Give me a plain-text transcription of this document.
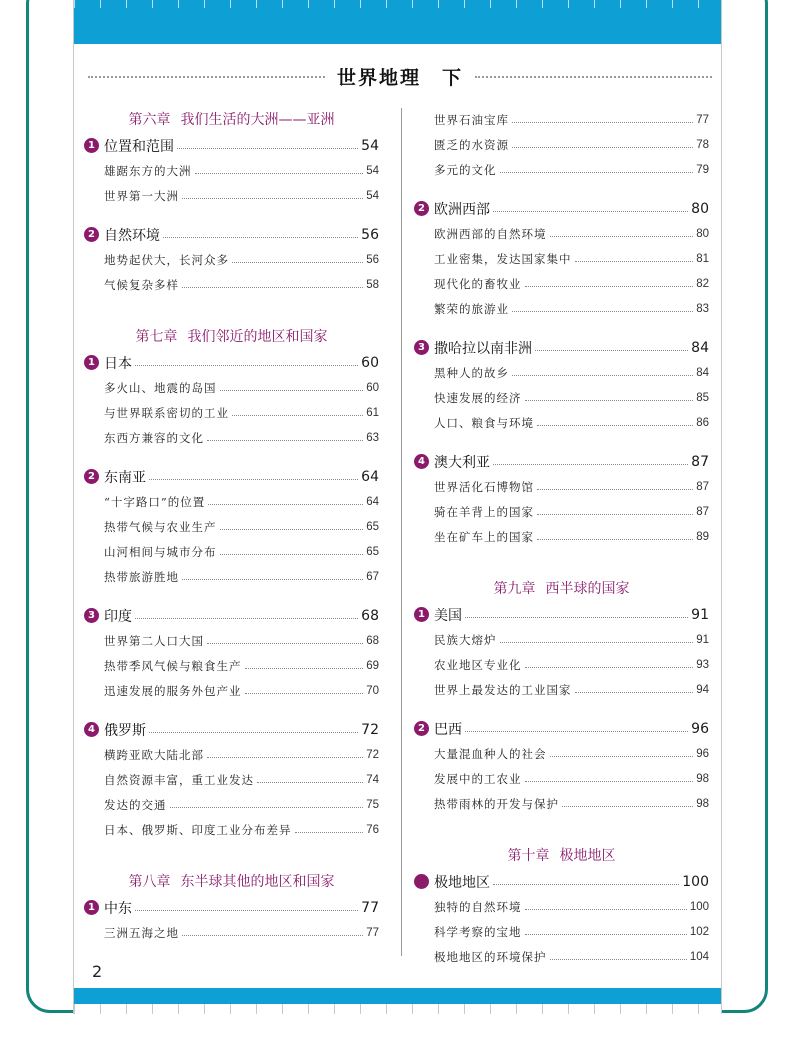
世界地理　下
第六章 我们生活的大洲——亚洲
1 位置和范围	54
雄踞东方的大洲	54
世界第一大洲	54
2 自然环境	56
地势起伏大，长河众多	56
气候复杂多样	58
第七章 我们邻近的地区和国家
1 日本	60
多火山、地震的岛国	60
与世界联系密切的工业	61
东西方兼容的文化	63
2 东南亚	64
“十字路口”的位置	64
热带气候与农业生产	65
山河相间与城市分布	65
热带旅游胜地	67
3 印度	68
世界第二人口大国	68
热带季风气候与粮食生产	69
迅速发展的服务外包产业	70
4 俄罗斯	72
横跨亚欧大陆北部	72
自然资源丰富，重工业发达	74
发达的交通	75
日本、俄罗斯、印度工业分布差异	76
第八章 东半球其他的地区和国家
1 中东	77
三洲五海之地	77
世界石油宝库	77
匮乏的水资源	78
多元的文化	79
2 欧洲西部	80
欧洲西部的自然环境	80
工业密集，发达国家集中	81
现代化的畜牧业	82
繁荣的旅游业	83
3 撒哈拉以南非洲	84
黑种人的故乡	84
快速发展的经济	85
人口、粮食与环境	86
4 澳大利亚	87
世界活化石博物馆	87
骑在羊背上的国家	87
坐在矿车上的国家	89
第九章 西半球的国家
1 美国	91
民族大熔炉	91
农业地区专业化	93
世界上最发达的工业国家	94
2 巴西	96
大量混血种人的社会	96
发展中的工农业	98
热带雨林的开发与保护	98
第十章 极地地区
极地地区	100
独特的自然环境	100
科学考察的宝地	102
极地地区的环境保护	104
2
